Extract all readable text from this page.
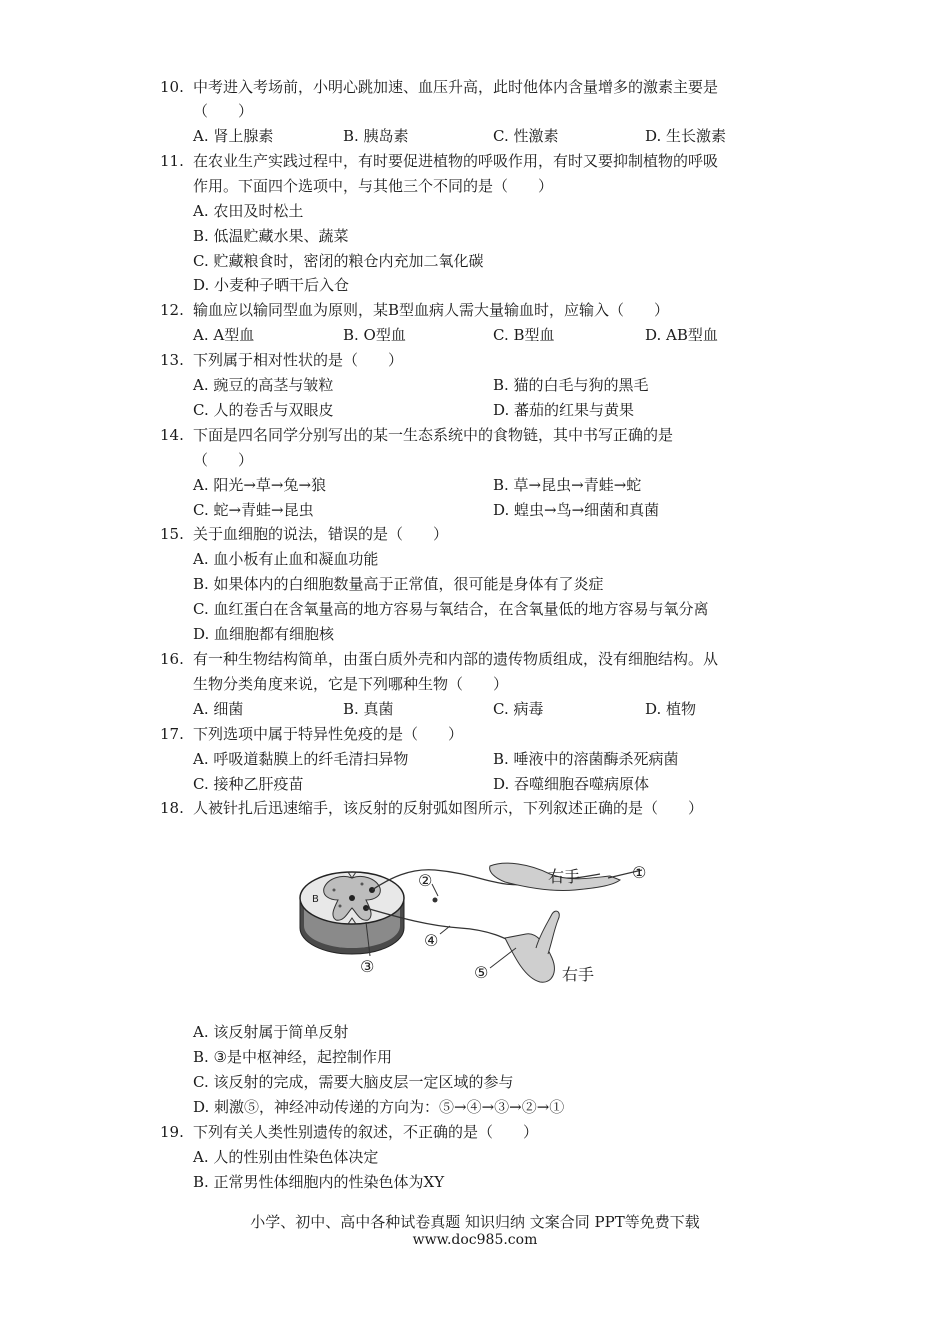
10. 中考进入考场前，小明心跳加速、血压升高，此时他体内含量增多的激素主要是
（　　）
A. 肾上腺素	B. 胰岛素	C. 性激素	D. 生长激素
11. 在农业生产实践过程中，有时要促进植物的呼吸作用，有时又要抑制植物的呼吸
作用。下面四个选项中，与其他三个不同的是（　　）
A. 农田及时松土
B. 低温贮藏水果、蔬菜
C. 贮藏粮食时，密闭的粮仓内充加二氧化碳
D. 小麦种子晒干后入仓
12. 输血应以输同型血为原则，某B型血病人需大量输血时，应输入（　　）
A. A型血	B. O型血	C. B型血	D. AB型血
13. 下列属于相对性状的是（　　）
A. 豌豆的高茎与皱粒	B. 猫的白毛与狗的黑毛
C. 人的卷舌与双眼皮	D. 蕃茄的红果与黄果
14. 下面是四名同学分别写出的某一生态系统中的食物链，其中书写正确的是
（　　）
A. 阳光→草→兔→狼	B. 草→昆虫→青蛙→蛇
C. 蛇→青蛙→昆虫	D. 蝗虫→鸟→细菌和真菌
15. 关于血细胞的说法，错误的是（　　）
A. 血小板有止血和凝血功能
B. 如果体内的白细胞数量高于正常值，很可能是身体有了炎症
C. 血红蛋白在含氧量高的地方容易与氧结合，在含氧量低的地方容易与氧分离
D. 血细胞都有细胞核
16. 有一种生物结构简单，由蛋白质外壳和内部的遗传物质组成，没有细胞结构。从
生物分类角度来说，它是下列哪种生物（　　）
A. 细菌	B. 真菌	C. 病毒	D. 植物
17. 下列选项中属于特异性免疫的是（　　）
A. 呼吸道黏膜上的纤毛清扫异物	B. 唾液中的溶菌酶杀死病菌
C. 接种乙肝疫苗	D. 吞噬细胞吞噬病原体
18. 人被针扎后迅速缩手，该反射的反射弧如图所示，下列叙述正确的是（　　）
B
①
②
③
④
⑤
右手
右手
A. 该反射属于简单反射
B. ③是中枢神经，起控制作用
C. 该反射的完成，需要大脑皮层一定区域的参与
D. 刺激⑤，神经冲动传递的方向为：⑤→④→③→②→①
19. 下列有关人类性别遗传的叙述，不正确的是（　　）
A. 人的性别由性染色体决定
B. 正常男性体细胞内的性染色体为XY
小学、初中、高中各种试卷真题 知识归纳 文案合同 PPT等免费下载
www.doc985.com
